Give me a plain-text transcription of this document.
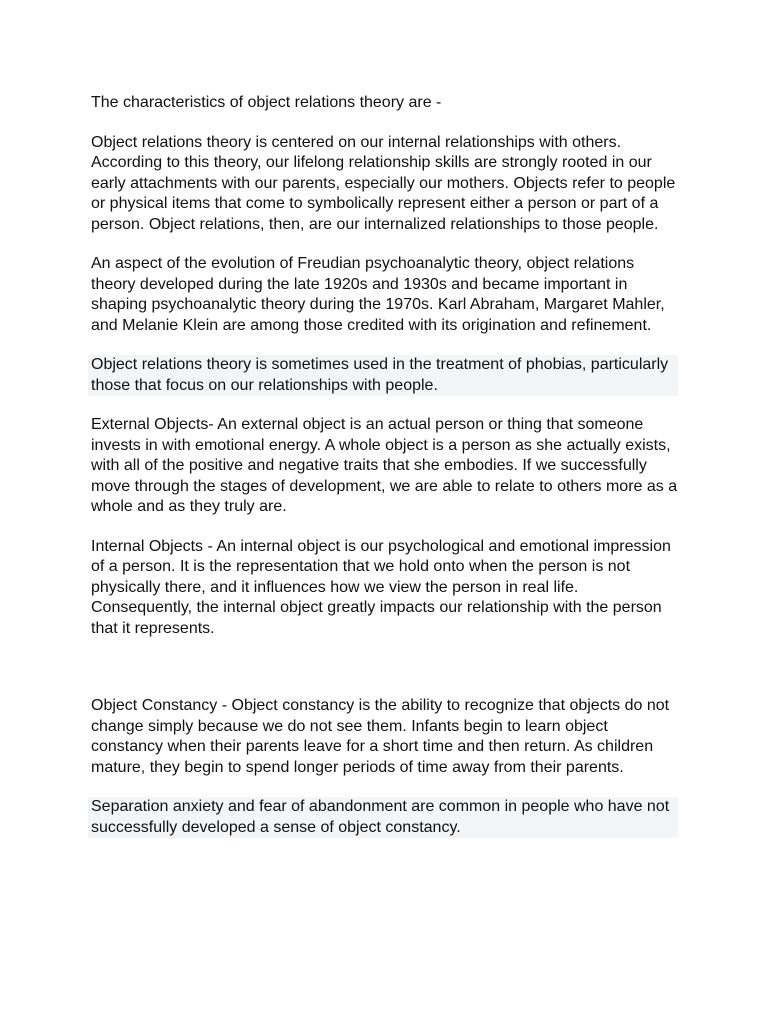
The characteristics of object relations theory are -

Object relations theory is centered on our internal relationships with others. According to this theory, our lifelong relationship skills are strongly rooted in our early attachments with our parents, especially our mothers. Objects refer to people or physical items that come to symbolically represent either a person or part of a person. Object relations, then, are our internalized relationships to those people.

An aspect of the evolution of Freudian psychoanalytic theory, object relations theory developed during the late 1920s and 1930s and became important in shaping psychoanalytic theory during the 1970s. Karl Abraham, Margaret Mahler, and Melanie Klein are among those credited with its origination and refinement.

Object relations theory is sometimes used in the treatment of phobias, particularly those that focus on our relationships with people.

External Objects- An external object is an actual person or thing that someone invests in with emotional energy. A whole object is a person as she actually exists, with all of the positive and negative traits that she embodies. If we successfully move through the stages of development, we are able to relate to others more as a whole and as they truly are.

Internal Objects - An internal object is our psychological and emotional impression of a person. It is the representation that we hold onto when the person is not physically there, and it influences how we view the person in real life. Consequently, the internal object greatly impacts our relationship with the person that it represents.

Object Constancy - Object constancy is the ability to recognize that objects do not change simply because we do not see them. Infants begin to learn object constancy when their parents leave for a short time and then return. As children mature, they begin to spend longer periods of time away from their parents.

Separation anxiety and fear of abandonment are common in people who have not successfully developed a sense of object constancy.
